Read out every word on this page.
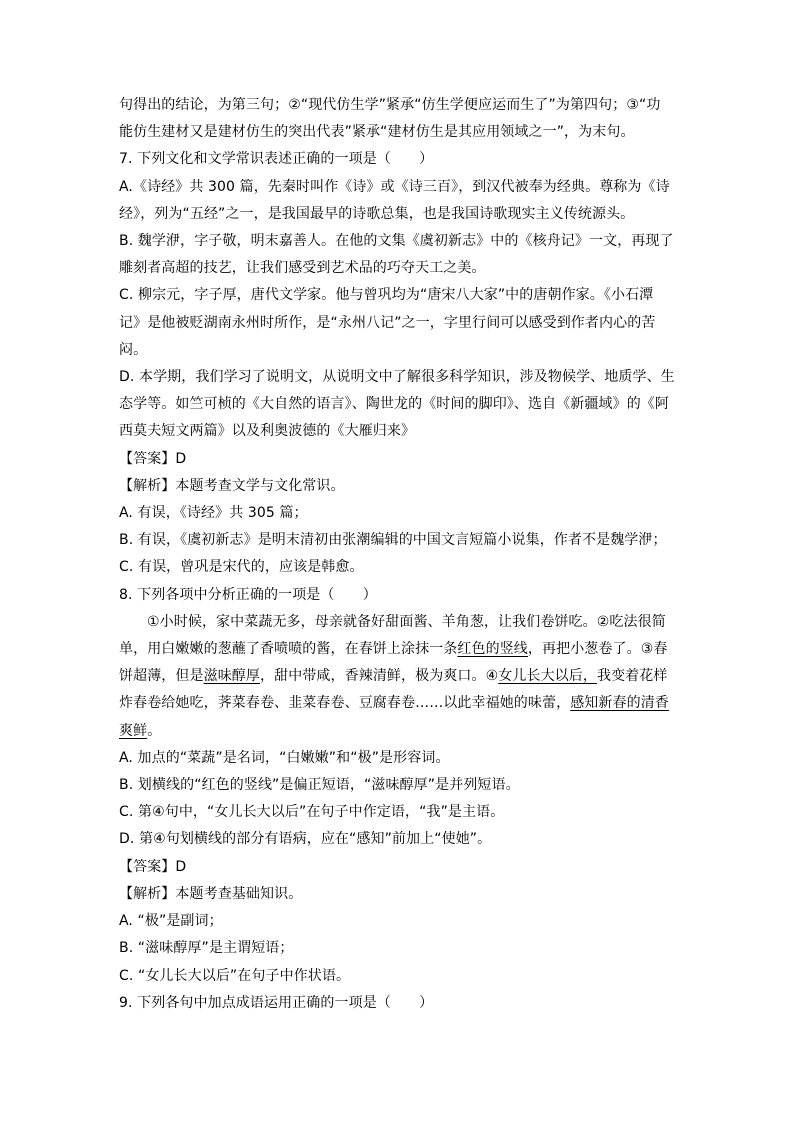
句得出的结论，为第三句；②“现代仿生学”紧承“仿生学便应运而生了”为第四句；③“功

能仿生建材又是建材仿生的突出代表”紧承“建材仿生是其应用领域之一”，为末句。

7. 下列文化和文学常识表述正确的一项是（　　）

A.《诗经》共 300 篇，先秦时叫作《诗》或《诗三百》，到汉代被奉为经典。尊称为《诗

经》，列为“五经”之一，是我国最早的诗歌总集，也是我国诗歌现实主义传统源头。

B. 魏学洢，字子敬，明末嘉善人。在他的文集《虞初新志》中的《核舟记》一文，再现了

雕刻者高超的技艺，让我们感受到艺术品的巧夺天工之美。

C. 柳宗元，字子厚，唐代文学家。他与曾巩均为“唐宋八大家”中的唐朝作家。《小石潭

记》是他被贬湖南永州时所作，是“永州八记”之一，字里行间可以感受到作者内心的苦

闷。

D. 本学期，我们学习了说明文，从说明文中了解很多科学知识，涉及物候学、地质学、生

态学等。如竺可桢的《大自然的语言》、陶世龙的《时间的脚印》、选自《新疆域》的《阿

西莫夫短文两篇》以及利奥波德的《大雁归来》

【答案】D

【解析】本题考查文学与文化常识。

A. 有误，《诗经》共 305 篇；

B. 有误，《虞初新志》是明末清初由张潮编辑的中国文言短篇小说集，作者不是魏学洢；

C. 有误，曾巩是宋代的，应该是韩愈。

8. 下列各项中分析正确的一项是（　　）

①小时候，家中菜蔬无多，母亲就备好甜面酱、羊角葱，让我们卷饼吃。②吃法很简

单，用白嫩嫩的葱蘸了香喷喷的酱，在春饼上涂抹一条红色的竖线，再把小葱卷了。③春

饼超薄，但是滋味醇厚，甜中带咸，香辣清鲜，极为爽口。④女儿长大以后，我变着花样

炸春卷给她吃，荠菜春卷、韭菜春卷、豆腐春卷……以此幸福她的味蕾，感知新春的清香

爽鲜。

A. 加点的“菜蔬”是名词，“白嫩嫩”和“极”是形容词。

B. 划横线的“红色的竖线”是偏正短语，“滋味醇厚”是并列短语。

C. 第④句中，“女儿长大以后”在句子中作定语，“我”是主语。

D. 第④句划横线的部分有语病，应在“感知”前加上“使她”。

【答案】D

【解析】本题考查基础知识。

A. “极”是副词；

B. “滋味醇厚”是主谓短语；

C. “女儿长大以后”在句子中作状语。

9. 下列各句中加点成语运用正确的一项是（　　）
